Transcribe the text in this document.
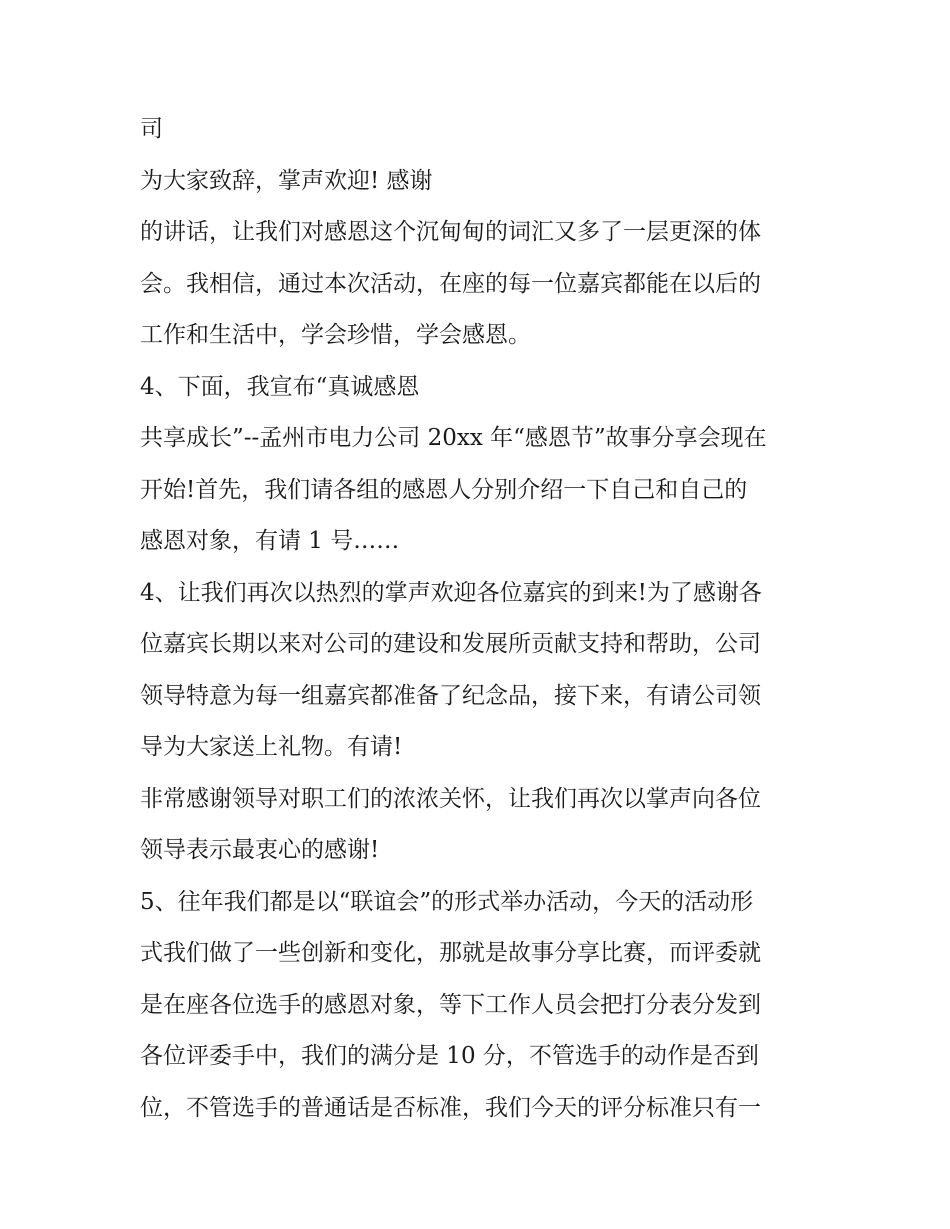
司
为大家致辞，掌声欢迎! 感谢
的讲话，让我们对感恩这个沉甸甸的词汇又多了一层更深的体
会。我相信，通过本次活动，在座的每一位嘉宾都能在以后的
工作和生活中，学会珍惜，学会感恩。
4、下面，我宣布“真诚感恩
共享成长”--孟州市电力公司 20xx 年“感恩节”故事分享会现在
开始!首先，我们请各组的感恩人分别介绍一下自己和自己的
感恩对象，有请 1 号……
4、让我们再次以热烈的掌声欢迎各位嘉宾的到来!为了感谢各
位嘉宾长期以来对公司的建设和发展所贡献支持和帮助，公司
领导特意为每一组嘉宾都准备了纪念品，接下来，有请公司领
导为大家送上礼物。有请!
非常感谢领导对职工们的浓浓关怀，让我们再次以掌声向各位
领导表示最衷心的感谢!
5、往年我们都是以“联谊会”的形式举办活动，今天的活动形
式我们做了一些创新和变化，那就是故事分享比赛，而评委就
是在座各位选手的感恩对象，等下工作人员会把打分表分发到
各位评委手中，我们的满分是 10 分，不管选手的动作是否到
位，不管选手的普通话是否标准，我们今天的评分标准只有一
